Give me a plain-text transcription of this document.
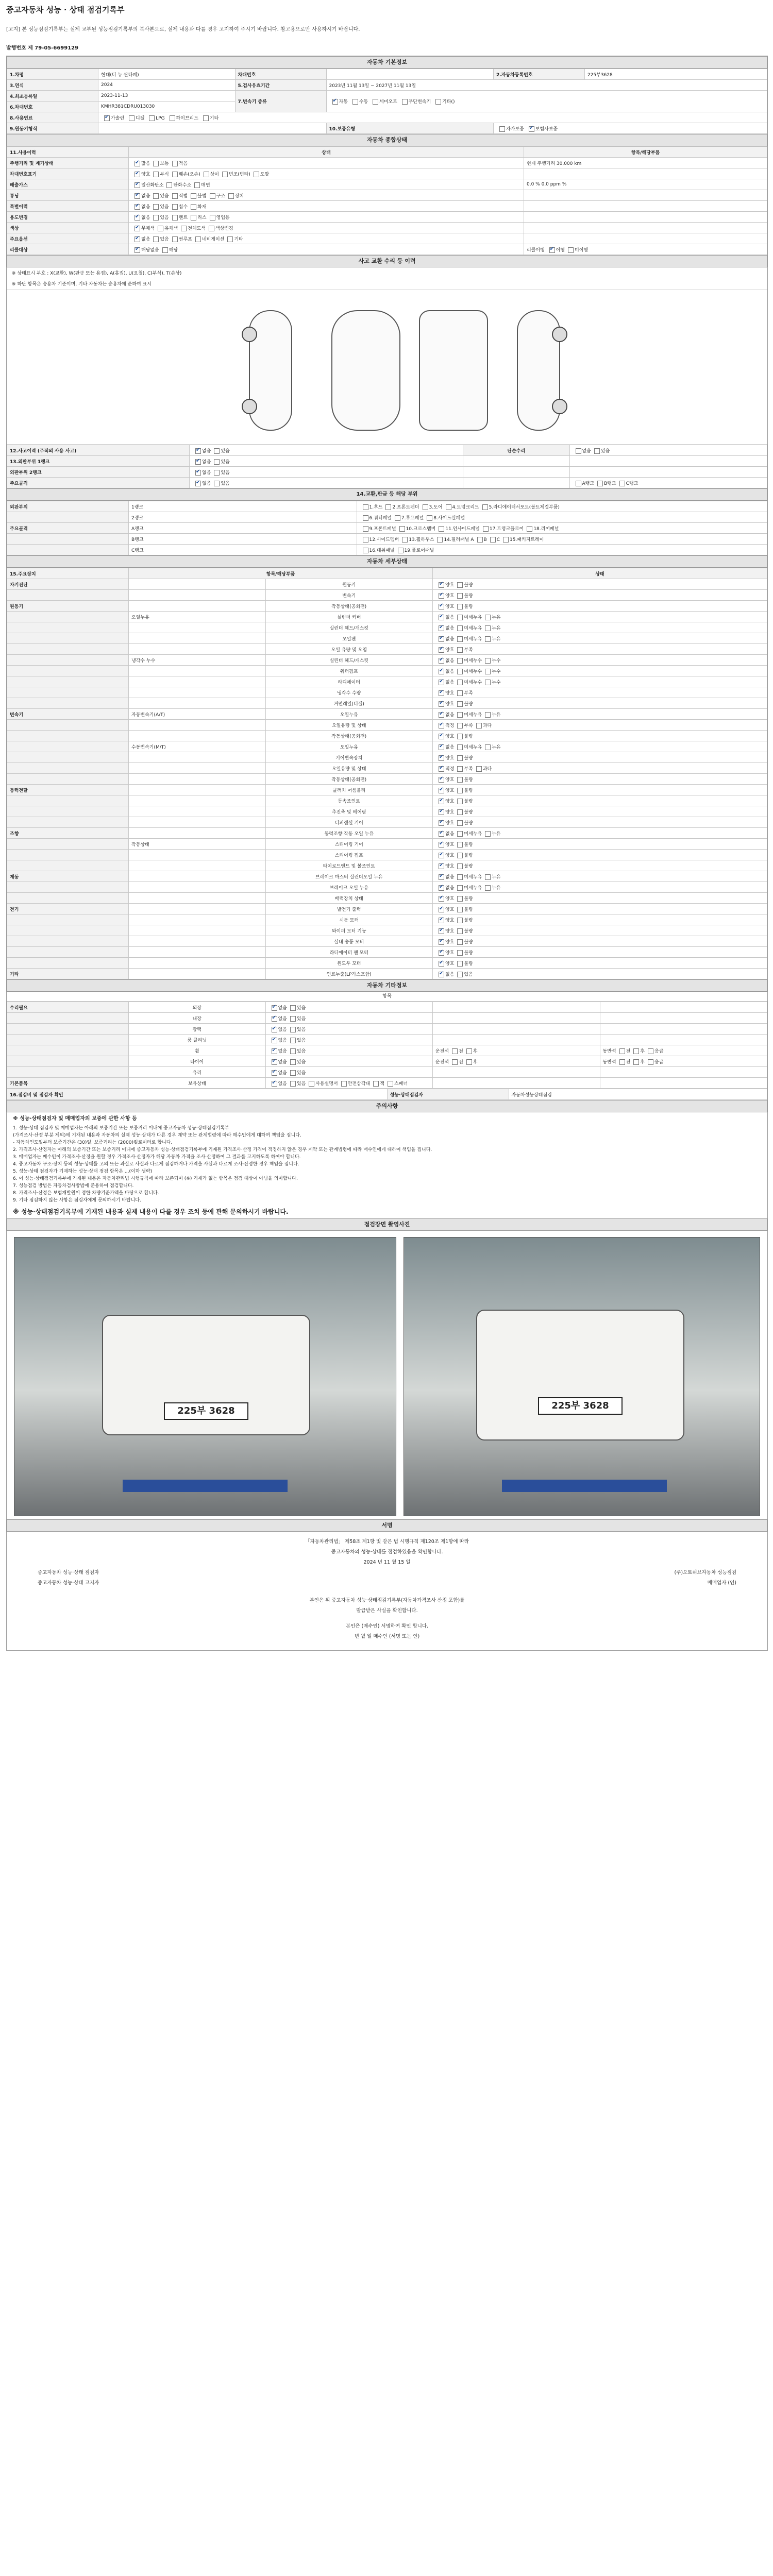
중고자동차 성능 · 상태 점검기록부
[고지] 본 성능점검기록부는 실제 교부된 성능점검기록부의 복사본으로, 실제 내용과 다를 경우 고지하여 주시기 바랍니다. 참고용으로만 사용하시기 바랍니다.
발행번호 제 79-05-6699129
자동차 기본정보
1.차명	현대(디 뉴 싼타페)	차대번호		2.자동차등록번호	225부3628
3.연식	2024	5.검사유효기간	2023년 11월 13일 ~ 2027년 11월 13일		
4.최초등록일	2023-11-13	7.변속기 종류	✔자동 수동 세미오토 무단변속기 기타()
6.차대번호	KMHR381CDRU013030				
8.사용연료	✔가솔린 디젤 LPG 하이브리드 기타
9.원동기형식			10.보증유형	자가보증 ✔ 보험사보증
자동차 종합상태
11.사용이력	상태	항목/해당부품
주행거리 및 계기상태	✔많음 보통 적음	현재 주행거리 30,000 km
차대번호표기	✔양호 부식 훼손(오손) 상이 변조(변타) 도말	
배출가스	✔일산화탄소 탄화수소 매연	0.0 % 0.0 ppm %
튜닝	✔없음 있음 적법 불법 구조 장치	
특별이력	✔없음 있음 침수 화재	
용도변경	✔없음 있음 렌트 리스 영업용	
색상	✔무채색 유채색 전체도색 색상변경	
주요옵션	✔없음 있음 썬루프 네비게이션 기타	
리콜대상	✔해당없음 해당	리콜이행 ✔ 이행 미이행
사고 교환 수리 등 이력
※ 상태표시 부호 : X(교환), W(판금 또는 용접), A(흠집), U(요철), C(부식), T(손상)
※ 하단 항목은 승용차 기준이며, 기타 자동차는 승용차에 준하여 표시
12.사고이력 (주작의 사용 사고)	✔없음 있음	단순수리	없음 있음
13.외판부위 1랭크	✔없음 있음		
외판부위 2랭크	✔없음 있음		
주요골격	✔없음 있음		A랭크 B랭크 C랭크
14.교환,판금 등 해당 부위
외판부위	1랭크	1.후드 2.프론트펜더 3.도어 4.트렁크리드 5.라디에이터서포트(볼트체결부품)
	2랭크	6.쿼터패널 7.루프패널 8.사이드실패널
주요골격	A랭크	9.프론트패널 10.크로스멤버 11.인사이드패널 17.트렁크플로어 18.리어패널
	B랭크	12.사이드멤버 13.휠하우스 14.필러패널 A B C 15.패키지트레이
	C랭크	16.대쉬패널 19.플로어패널
자동차 세부상태
15.주요장치	항목/해당부품		상태
자기진단		원동기	✔양호 불량
		변속기	✔양호 불량
원동기		작동상태(공회전)	✔양호 불량
	오일누유	실린더 커버	✔없음 미세누유 누유
		실린더 헤드/개스킷	✔없음 미세누유 누유
		오일팬	✔없음 미세누유 누유
		오일 유량 및 오염	✔양호 부족
	냉각수 누수	실린더 헤드/개스킷	✔없음 미세누수 누수
		워터펌프	✔없음 미세누수 누수
		라디에이터	✔없음 미세누수 누수
		냉각수 수량	✔양호 부족
		커먼레일(디젤)	✔양호 불량
변속기	자동변속기(A/T)	오일누유	✔없음 미세누유 누유
		오일유량 및 상태	✔적정 부족 과다
		작동상태(공회전)	✔양호 불량
	수동변속기(M/T)	오일누유	✔없음 미세누유 누유
		기어변속장치	✔양호 불량
		오일유량 및 상태	✔적정 부족 과다
		작동상태(공회전)	✔양호 불량
동력전달		클러치 어셈블리	✔양호 불량
		등속조인트	✔양호 불량
		추진축 및 베어링	✔양호 불량
		디퍼렌셜 기어	✔양호 불량
조향		동력조향 작동 오일 누유	✔없음 미세누유 누유
	작동상태	스티어링 기어	✔양호 불량
		스티어링 펌프	✔양호 불량
		타이로드엔드 및 볼조인트	✔양호 불량
제동		브레이크 마스터 실린더오일 누유	✔없음 미세누유 누유
		브레이크 오일 누유	✔없음 미세누유 누유
		배력장치 상태	✔양호 불량
전기		발전기 출력	✔양호 불량
		시동 모터	✔양호 불량
		와이퍼 모터 기능	✔양호 불량
		실내 송풍 모터	✔양호 불량
		라디에이터 팬 모터	✔양호 불량
		윈도우 모터	✔양호 불량
기타		연료누출(LP가스포함)	✔없음 있음
자동차 기타정보
항목
수리필요	외장	✔없음 있음		
	내장	✔없음 있음		
	광택	✔없음 있음		
	룸 클리닝	✔없음 있음		
	휠	✔없음 있음	운전석 전 후	동반석 전 후 응급
	타이어	✔없음 있음	운전석 전 후	동반석 전 후 응급
	유리	✔없음 있음		
기본품목	보유상태	✔없음 있음 사용설명서 안전삼각대 잭 스패너		
16.점검비 및 점검자 확인		성능·상태점검자	자동차성능상태점검
주의사항
※ 성능·상태점검자 및 매매업자의 보증에 관한 사항 등
1. 성능·상태 점검자 및 매매업자는 아래의 보증기간 또는 보증거리 이내에 중고자동차 성능·상태점검기록부
(가격조사·산정 부분 제외)에 기재된 내용과 자동차의 실제 성능·상태가 다른 경우 계약 또는 관계법령에 따라 매수인에게 대하여 책임을 집니다.
- 자동차인도일부터 보증기간은 (30)일, 보증거리는 (2000)킬로미터로 합니다.
2. 가격조사·산정자는 아래의 보증기간 또는 보증거리 이내에 중고자동차 성능·상태점검기록부에 기재된 가격조사·산정 가격이 적정하지 않은 경우 계약 또는 관계법령에 따라 매수인에게 대하여 책임을 집니다.
3. 매매업자는 매수인이 가격조사·산정을 원할 경우 가격조사·산정자가 해당 자동차 가격을 조사·산정하여 그 결과를 고지하도록 하여야 합니다.
4. 중고자동차 구조·장치 등의 성능·상태를 고의 또는 과실로 사실과 다르게 점검하거나 가격을 사실과 다르게 조사·산정한 경우 책임을 집니다.
5. 성능·상태 점검자가 기재하는 성능·상태 점검 항목은 ...(이하 생략)
6. 이 성능·상태점검기록부에 기재된 내용은 자동차관리법 시행규칙에 따라 보존되며 (※) 기재가 없는 항목은 점검 대상이 아님을 의미합니다.
7. 성능점검 방법은 자동차검사방법에 준용하여 점검합니다.
8. 가격조사·산정은 보험개발원이 정한 차량기준가액을 바탕으로 합니다.
9. 기타 점검하지 않는 사항은 점검자에게 문의하시기 바랍니다.
※ 성능·상태점검기록부에 기재된 내용과 실제 내용이 다를 경우 조치 등에 관해 문의하시기 바랍니다.
점검장면 촬영사진
225부 3628	225부 3628
서명
「자동차관리법」 제58조 제1항 및 같은 법 시행규칙 제120조 제1항에 따라
중고자동차의 성능·상태를 점검하였음을 확인합니다.
2024 년 11 월 15 일
중고자동차 성능·상태 점검자	(주)오토허브자동차 성능점검
중고자동차 성능·상태 고지자	매매업자 (인)
본인은 위 중고자동차 성능·상태점검기록부(자동차가격조사 산정 포함)를
발급받은 사실을 확인합니다.
본인은 (매수인) 서명하여 확인 합니다.
년 월 일 매수인 (서명 또는 인)
